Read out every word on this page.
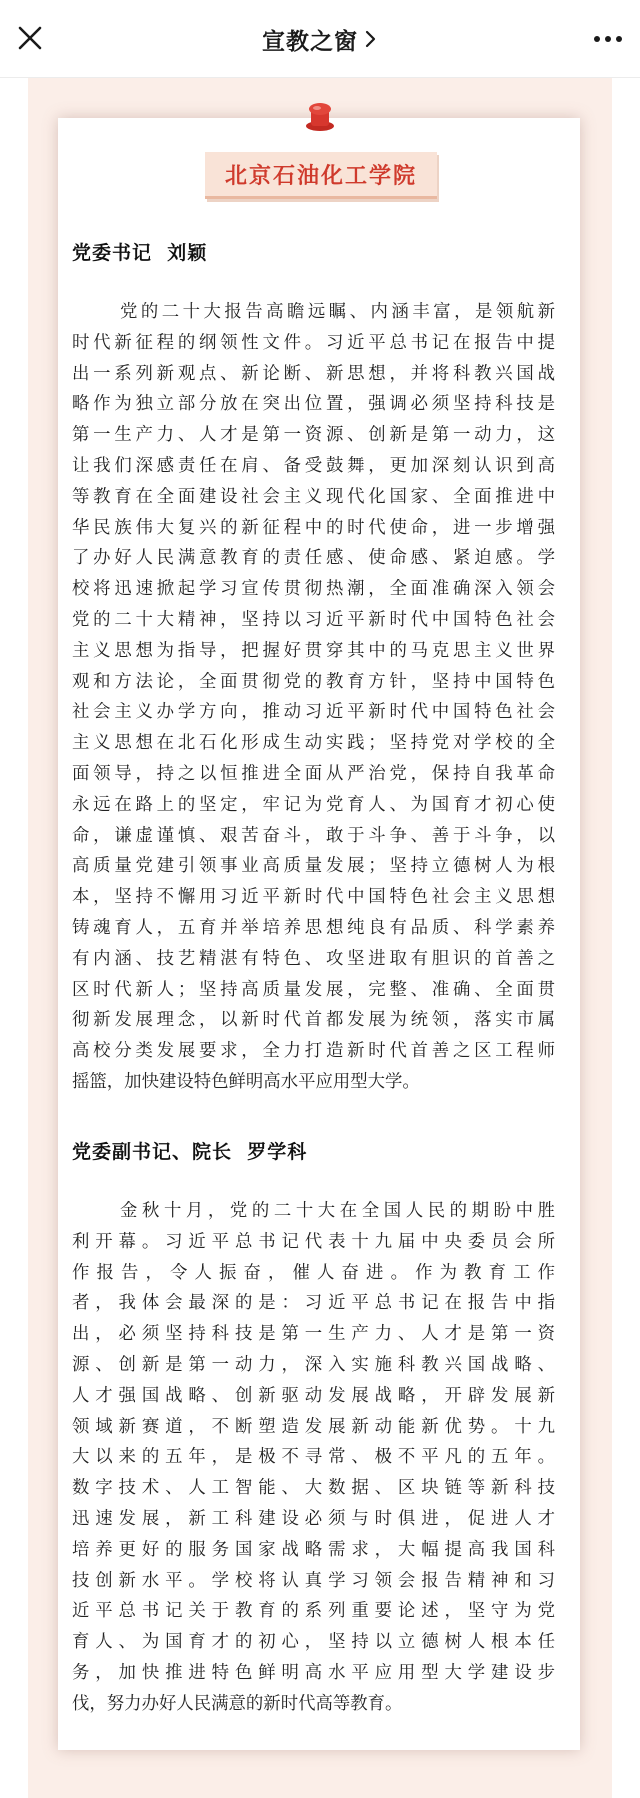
宣教之窗
北京石油化工学院
党委书记  刘颖
党的二十大报告高瞻远瞩、内涵丰富，是领航新
时代新征程的纲领性文件。习近平总书记在报告中提
出一系列新观点、新论断、新思想，并将科教兴国战
略作为独立部分放在突出位置，强调必须坚持科技是
第一生产力、人才是第一资源、创新是第一动力，这
让我们深感责任在肩、备受鼓舞，更加深刻认识到高
等教育在全面建设社会主义现代化国家、全面推进中
华民族伟大复兴的新征程中的时代使命，进一步增强
了办好人民满意教育的责任感、使命感、紧迫感。学
校将迅速掀起学习宣传贯彻热潮，全面准确深入领会
党的二十大精神，坚持以习近平新时代中国特色社会
主义思想为指导，把握好贯穿其中的马克思主义世界
观和方法论，全面贯彻党的教育方针，坚持中国特色
社会主义办学方向，推动习近平新时代中国特色社会
主义思想在北石化形成生动实践；坚持党对学校的全
面领导，持之以恒推进全面从严治党，保持自我革命
永远在路上的坚定，牢记为党育人、为国育才初心使
命，谦虚谨慎、艰苦奋斗，敢于斗争、善于斗争，以
高质量党建引领事业高质量发展；坚持立德树人为根
本，坚持不懈用习近平新时代中国特色社会主义思想
铸魂育人，五育并举培养思想纯良有品质、科学素养
有内涵、技艺精湛有特色、攻坚进取有胆识的首善之
区时代新人；坚持高质量发展，完整、准确、全面贯
彻新发展理念，以新时代首都发展为统领，落实市属
高校分类发展要求，全力打造新时代首善之区工程师
摇篮，加快建设特色鲜明高水平应用型大学。
党委副书记、院长  罗学科
金秋十月，党的二十大在全国人民的期盼中胜
利开幕。习近平总书记代表十九届中央委员会所
作报告，令人振奋，催人奋进。作为教育工作
者，我体会最深的是：习近平总书记在报告中指
出，必须坚持科技是第一生产力、人才是第一资
源、创新是第一动力，深入实施科教兴国战略、
人才强国战略、创新驱动发展战略，开辟发展新
领域新赛道，不断塑造发展新动能新优势。十九
大以来的五年，是极不寻常、极不平凡的五年。
数字技术、人工智能、大数据、区块链等新科技
迅速发展，新工科建设必须与时俱进，促进人才
培养更好的服务国家战略需求，大幅提高我国科
技创新水平。学校将认真学习领会报告精神和习
近平总书记关于教育的系列重要论述，坚守为党
育人、为国育才的初心，坚持以立德树人根本任
务，加快推进特色鲜明高水平应用型大学建设步
伐，努力办好人民满意的新时代高等教育。
